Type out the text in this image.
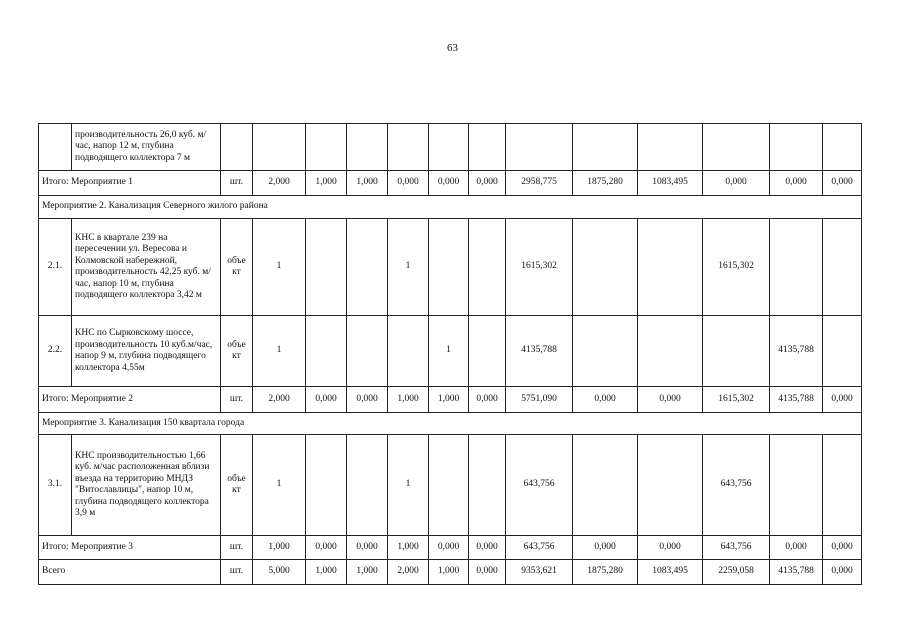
63
	производительность 26,0 куб. м/час, напор 12 м, глубина подводящего коллектора 7 м													
Итого: Мероприятие 1		шт.	2,000	1,000	1,000	0,000	0,000	0,000	2958,775	1875,280	1083,495	0,000	0,000	0,000
Мероприятие 2. Канализация Северного жилого района														
2.1.	КНС в квартале 239 на пересечении ул. Вересова и Колмовской набережной, производительность 42,25 куб. м/час, напор 10 м, глубина подводящего коллектора 3,42 м	объе кт	1			1			1615,302			1615,302		
2.2.	КНС по Сырковскому шоссе, производительность 10 куб.м/час, напор 9 м, глубина подводящего коллектора 4,55м	объе кт	1				1		4135,788				4135,788	
Итого: Мероприятие 2		шт.	2,000	0,000	0,000	1,000	1,000	0,000	5751,090	0,000	0,000	1615,302	4135,788	0,000
Мероприятие 3. Канализация 150 квартала города														
3.1.	КНС производительностью 1,66 куб. м/час расположенная вблизи въезда на территорию МНДЗ "Витославлицы", напор 10 м, глубина подводящего коллектора 3,9 м	объе кт	1			1			643,756			643,756		
Итого: Мероприятие 3		шт.	1,000	0,000	0,000	1,000	0,000	0,000	643,756	0,000	0,000	643,756	0,000	0,000
Всего		шт.	5,000	1,000	1,000	2,000	1,000	0,000	9353,621	1875,280	1083,495	2259,058	4135,788	0,000
